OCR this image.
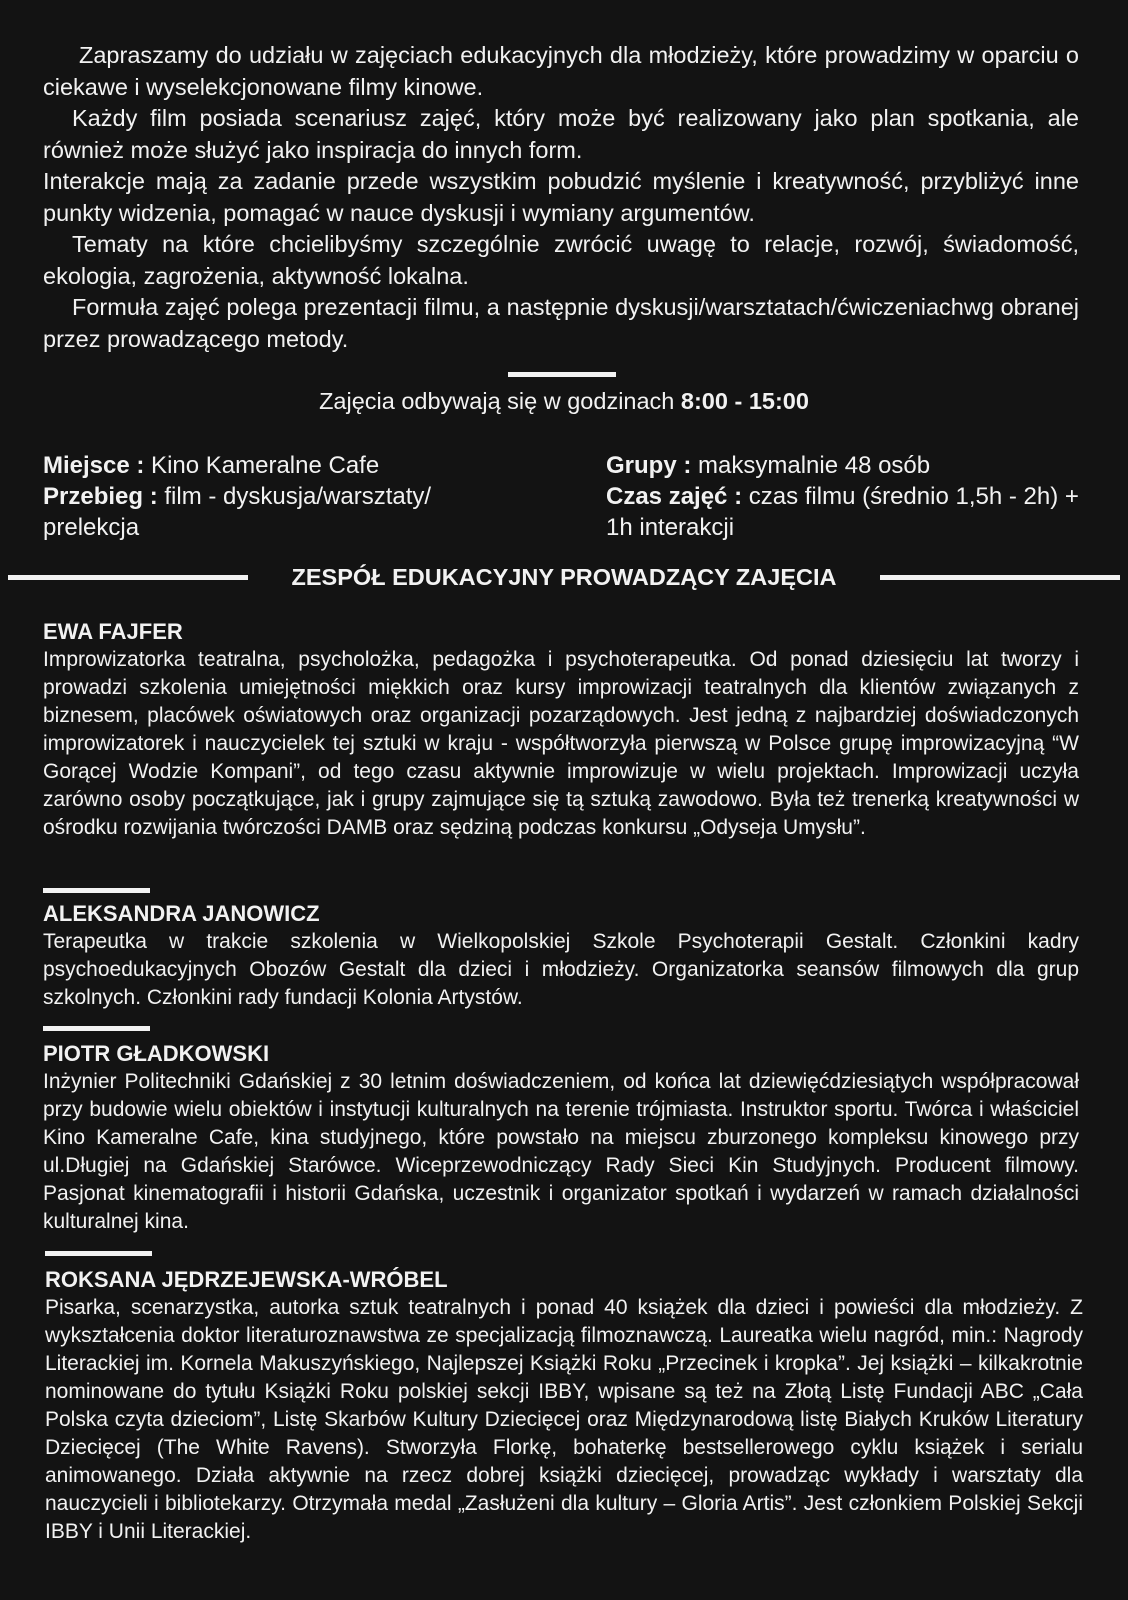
Zapraszamy do udziału w zajęciach edukacyjnych dla młodzieży, które prowadzimy w oparciu o ciekawe i wyselekcjonowane filmy kinowe.

Każdy film posiada scenariusz zajęć, który może być realizowany jako plan spotkania, ale również może służyć jako inspiracja do innych form.

Interakcje mają za zadanie przede wszystkim pobudzić myślenie i kreatywność, przybliżyć inne punkty widzenia, pomagać w nauce dyskusji i wymiany argumentów.

Tematy na które chcielibyśmy szczególnie zwrócić uwagę to relacje, rozwój, świadomość, ekologia, zagrożenia, aktywność lokalna.

Formuła zajęć polega prezentacji filmu, a następnie dyskusji/warsztatach/ćwiczeniachwg obranej przez prowadzącego metody.

Zajęcia odbywają się w godzinach 8:00 - 15:00
Miejsce : Kino Kameralne Cafe
Przebieg : film - dyskusja/warsztaty/ prelekcja
Grupy : maksymalnie 48 osób
Czas zajęć : czas filmu (średnio 1,5h - 2h) + 1h interakcji
ZESPÓŁ EDUKACYJNY PROWADZĄCY ZAJĘCIA
EWA FAJFER
Improwizatorka teatralna, psycholożka, pedagożka i psychoterapeutka. Od ponad dziesięciu lat tworzy i prowadzi szkolenia umiejętności miękkich oraz kursy improwizacji teatralnych dla klientów związanych z biznesem, placówek oświatowych oraz organizacji pozarządowych. Jest jedną z najbardziej doświadczonych improwizatorek i nauczycielek tej sztuki w kraju - współtworzyła pierwszą w Polsce grupę improwizacyjną “W Gorącej Wodzie Kompani”, od tego czasu aktywnie improwizuje w wielu projektach. Improwizacji uczyła zarówno osoby początkujące, jak i grupy zajmujące się tą sztuką zawodowo. Była też trenerką kreatywności w ośrodku rozwijania twórczości DAMB oraz sędziną podczas konkursu „Odyseja Umysłu”.
ALEKSANDRA JANOWICZ
Terapeutka w trakcie szkolenia w Wielkopolskiej Szkole Psychoterapii Gestalt. Członkini kadry psychoedukacyjnych Obozów Gestalt dla dzieci i młodzieży. Organizatorka seansów filmowych dla grup szkolnych. Członkini rady fundacji Kolonia Artystów.
PIOTR GŁADKOWSKI
Inżynier Politechniki Gdańskiej z 30 letnim doświadczeniem, od końca lat dziewięćdziesiątych współpracował przy budowie wielu obiektów i instytucji kulturalnych na terenie trójmiasta. Instruktor sportu. Twórca i właściciel Kino Kameralne Cafe, kina studyjnego, które powstało na miejscu zburzonego kompleksu kinowego przy ul.Długiej na Gdańskiej Starówce. Wiceprzewodniczący Rady Sieci Kin Studyjnych. Producent filmowy. Pasjonat kinematografii i historii Gdańska, uczestnik i organizator spotkań i wydarzeń w ramach działalności kulturalnej kina.
ROKSANA JĘDRZEJEWSKA-WRÓBEL
Pisarka, scenarzystka, autorka sztuk teatralnych i ponad 40 książek dla dzieci i powieści dla młodzieży. Z wykształcenia doktor literaturoznawstwa ze specjalizacją filmoznawczą. Laureatka wielu nagród, min.: Nagrody Literackiej im. Kornela Makuszyńskiego, Najlepszej Książki Roku „Przecinek i kropka”. Jej książki – kilkakrotnie nominowane do tytułu Książki Roku polskiej sekcji IBBY, wpisane są też na Złotą Listę Fundacji ABC „Cała Polska czyta dzieciom”, Listę Skarbów Kultury Dziecięcej oraz Międzynarodową listę Białych Kruków Literatury Dziecięcej (The White Ravens). Stworzyła Florkę, bohaterkę bestsellerowego cyklu książek i serialu animowanego. Działa aktywnie na rzecz dobrej książki dziecięcej, prowadząc wykłady i warsztaty dla nauczycieli i bibliotekarzy. Otrzymała medal „Zasłużeni dla kultury – Gloria Artis”. Jest członkiem Polskiej Sekcji IBBY i Unii Literackiej.
